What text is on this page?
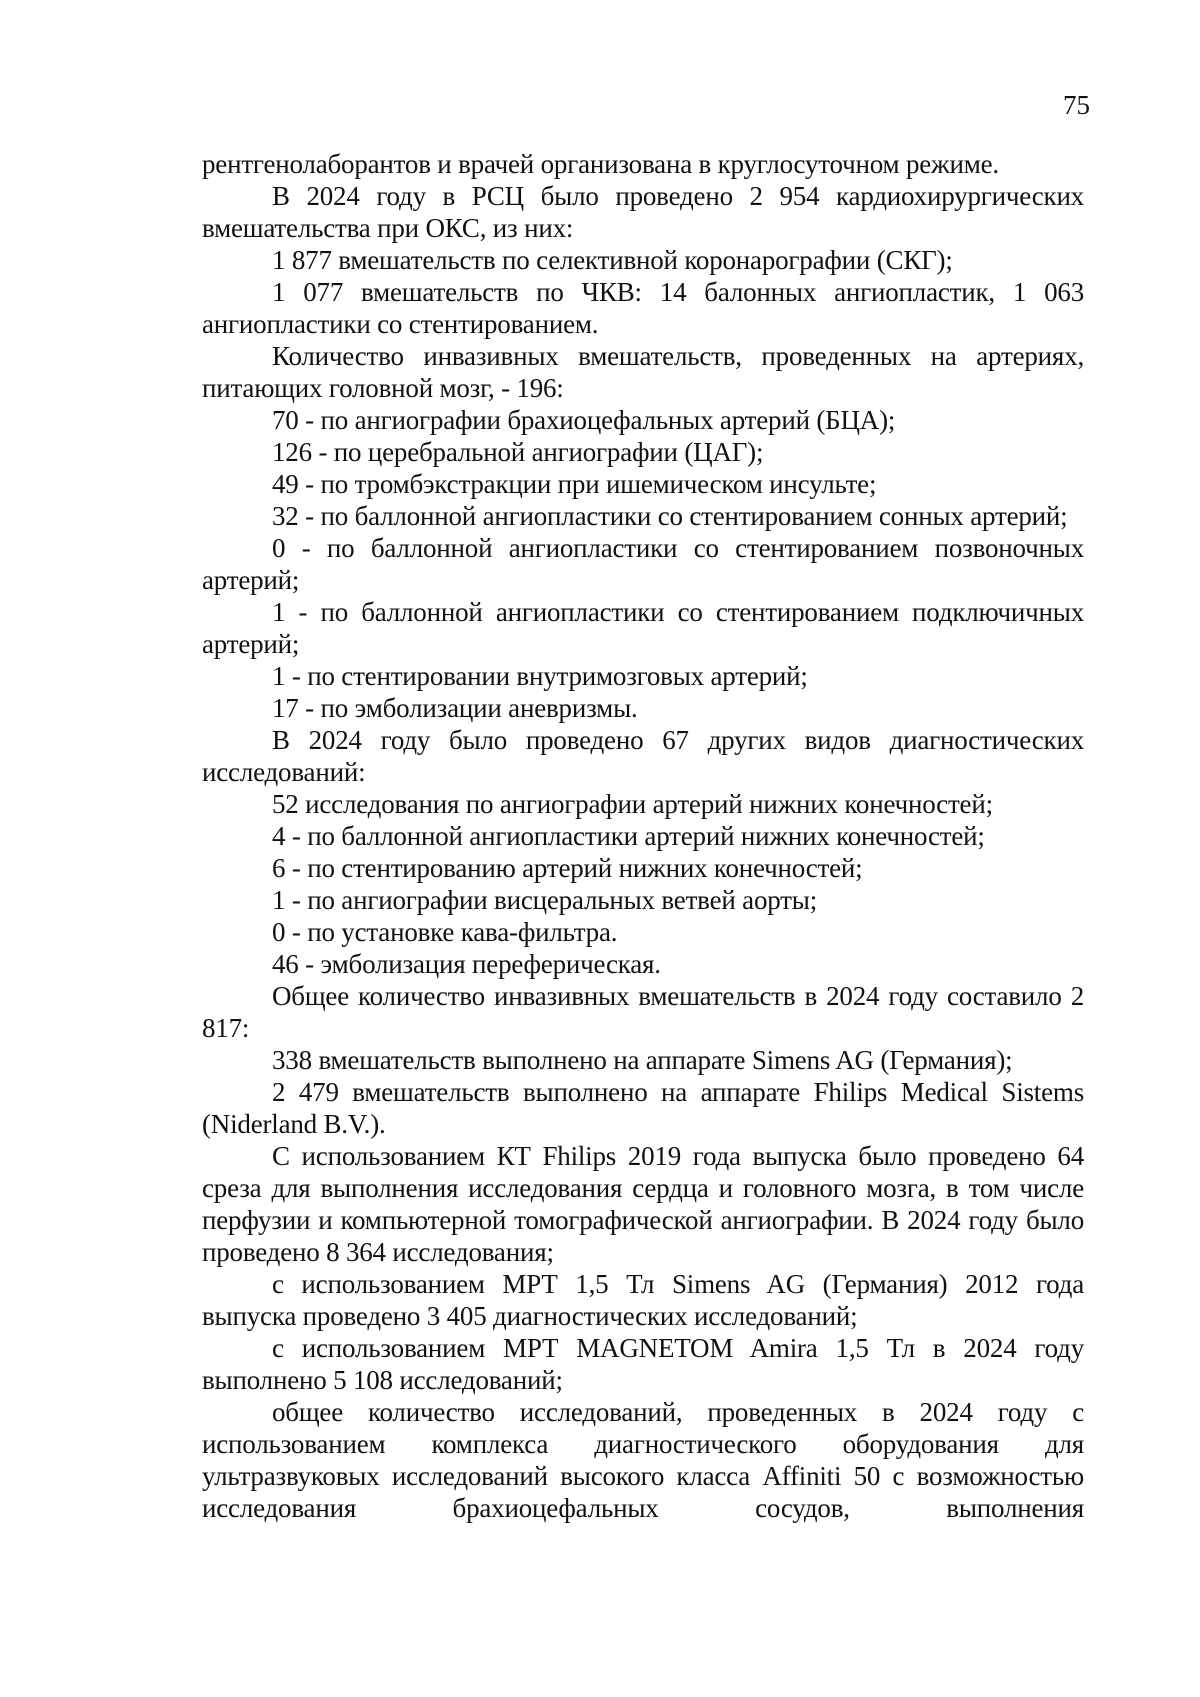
75

рентгенолаборантов и врачей организована в круглосуточном режиме.

В 2024 году в РСЦ было проведено 2 954 кардиохирургических вмешательства при ОКС, из них:

1 877 вмешательств по селективной коронарографии (СКГ);

1 077 вмешательств по ЧКВ: 14 балонных ангиопластик, 1 063 ангиопластики со стентированием.

Количество инвазивных вмешательств, проведенных на артериях, питающих головной мозг, - 196:

70 - по ангиографии брахиоцефальных артерий (БЦА);

126 - по церебральной ангиографии (ЦАГ);

49 - по тромбэкстракции при ишемическом инсульте;

32 - по баллонной ангиопластики со стентированием сонных артерий;

0 - по баллонной ангиопластики со стентированием позвоночных артерий;

1 - по баллонной ангиопластики со стентированием подключичных артерий;

1 - по стентировании внутримозговых артерий;

17 - по эмболизации аневризмы.

В 2024 году было проведено 67 других видов диагностических исследований:

52 исследования по ангиографии артерий нижних конечностей;

4 - по баллонной ангиопластики артерий нижних конечностей;

6 - по стентированию артерий нижних конечностей;

1 - по ангиографии висцеральных ветвей аорты;

0 - по установке кава-фильтра.

46 - эмболизация переферическая.

Общее количество инвазивных вмешательств в 2024 году составило 2 817:

338 вмешательств выполнено на аппарате Simens AG (Германия);

2 479 вмешательств выполнено на аппарате Fhilips Medical Sistems (Niderland B.V.).

С использованием КТ Fhilips 2019 года выпуска было проведено 64 среза для выполнения исследования сердца и головного мозга, в том числе перфузии и компьютерной томографической ангиографии. В 2024 году было проведено 8 364 исследования;

с использованием МРТ 1,5 Тл Simens AG (Германия) 2012 года выпуска проведено 3 405 диагностических исследований;

с использованием МРТ MAGNETOM Amira 1,5 Тл в 2024 году выполнено 5 108 исследований;

общее количество исследований, проведенных в 2024 году с использованием комплекса диагностического оборудования для ультразвуковых исследований высокого класса Affiniti 50 с возможностью исследования брахиоцефальных сосудов, выполнения
